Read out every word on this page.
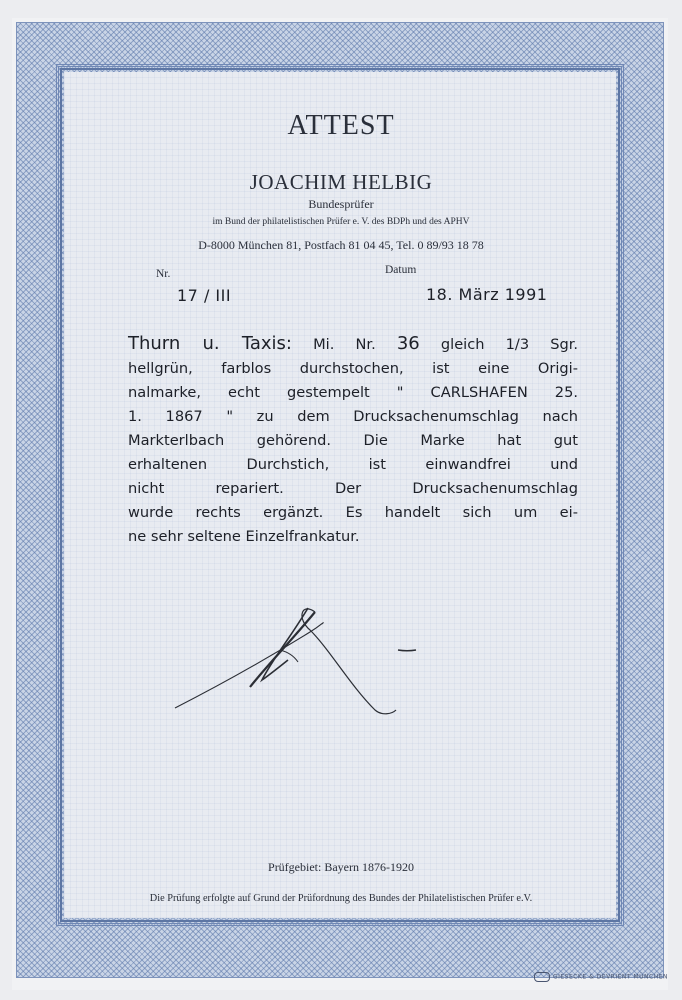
ATTEST
JOACHIM HELBIG
Bundesprüfer
im Bund der philatelistischen Prüfer e. V. des BDPh und des APHV
D-8000 München 81, Postfach 81 04 45, Tel. 0 89/93 18 78
Nr.
17 / III
Datum
18. März 1991
Thurn u. Taxis: Mi. Nr. 36 gleich 1/3 Sgr.
hellgrün, farblos durchstochen, ist eine Origi-
nalmarke, echt gestempelt " CARLSHAFEN 25.
1. 1867 " zu dem Drucksachenumschlag nach
Markterlbach gehörend. Die Marke hat gut
erhaltenen Durchstich, ist einwandfrei und
nicht repariert. Der Drucksachenumschlag
wurde rechts ergänzt. Es handelt sich um ei-
ne sehr seltene Einzelfrankatur.
Prüfgebiet: Bayern 1876-1920
Die Prüfung erfolgte auf Grund der Prüfordnung des Bundes der Philatelistischen Prüfer e.V.
GIESECKE & DEVRIENT MÜNCHEN
